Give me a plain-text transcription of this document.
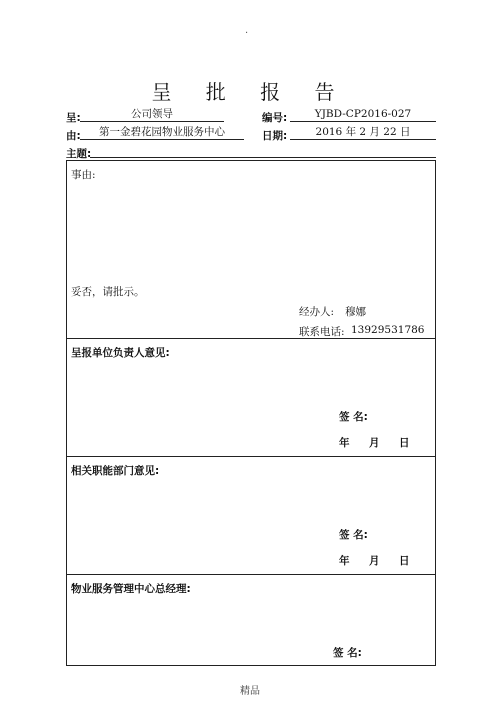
·
呈 批 报 告
呈:	公司领导	编号:	YJBD-CP2016-027
由:	第一金碧花园物业服务中心	日期:	2016 年 2 月 22 日
主题:
事由:
妥否，请批示。
经办人: 穆娜
联系电话: 13929531786
呈报单位负责人意见:
签 名:
年 月 日
相关职能部门意见:
签 名:
年 月 日
物业服务管理中心总经理:
签 名:
精品
